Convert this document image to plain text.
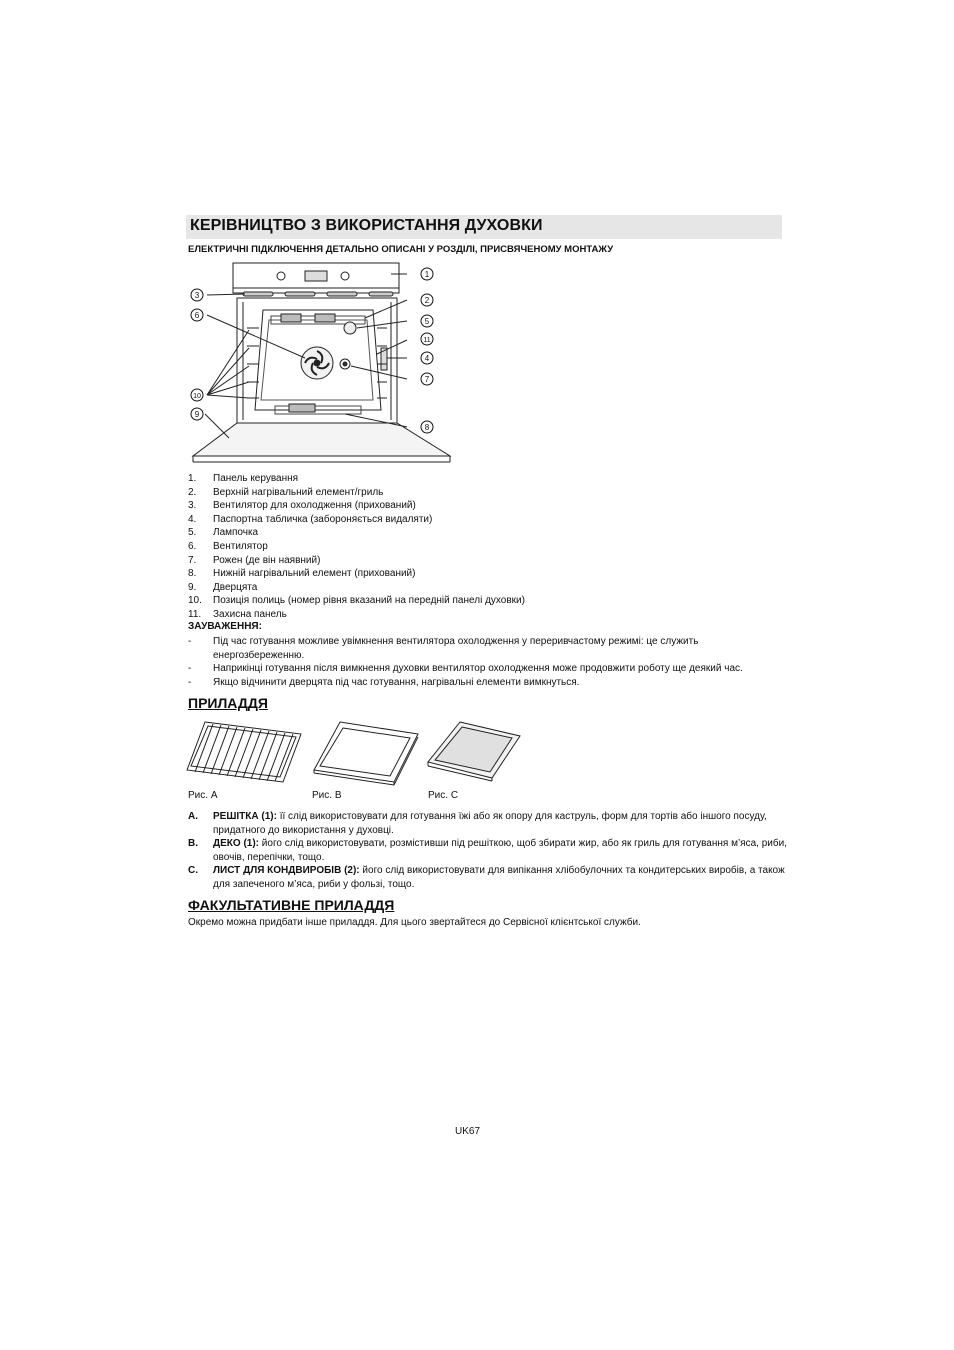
КЕРІВНИЦТВО З ВИКОРИСТАННЯ ДУХОВКИ
ЕЛЕКТРИЧНІ ПІДКЛЮЧЕННЯ ДЕТАЛЬНО ОПИСАНІ У РОЗДІЛІ, ПРИСВЯЧЕНОМУ МОНТАЖУ
1
2
3
4
5
6
7
8
9
10
11
1. Панель керування
2. Верхній нагрівальний елемент/гриль
3. Вентилятор для охолодження (прихований)
4. Паспортна табличка (забороняється видаляти)
5. Лампочка
6. Вентилятор
7. Рожен (де він наявний)
8. Нижній нагрівальний елемент (прихований)
9. Дверцята
10. Позиція полиць (номер рівня вказаний на передній панелі духовки)
11. Захисна панель
ЗАУВАЖЕННЯ:
- Під час готування можливе увімкнення вентилятора охолодження у переривчастому режимі: це служить енергозбереженню.
- Наприкінці готування після вимкнення духовки вентилятор охолодження може продовжити роботу ще деякий час.
- Якщо відчинити дверцята під час готування, нагрівальні елементи вимкнуться.
ПРИЛАДДЯ
Рис. A	Рис. B	Рис. C
A. РЕШІТКА (1): її слід використовувати для готування їжі або як опору для каструль, форм для тортів або іншого посуду, придатного до використання у духовці.
B. ДЕКО (1): його слід використовувати, розмістивши під решіткою, щоб збирати жир, або як гриль для готування м’яса, риби, овочів, перепічки, тощо.
C. ЛИСТ ДЛЯ КОНДВИРОБІВ (2): його слід використовувати для випікання хлібобулочних та кондитерських виробів, а також для запеченого м’яса, риби у фользі, тощо.
ФАКУЛЬТАТИВНЕ ПРИЛАДДЯ
Окремо можна придбати інше приладдя. Для цього звертайтеся до Сервісної клієнтської служби.
UK67
